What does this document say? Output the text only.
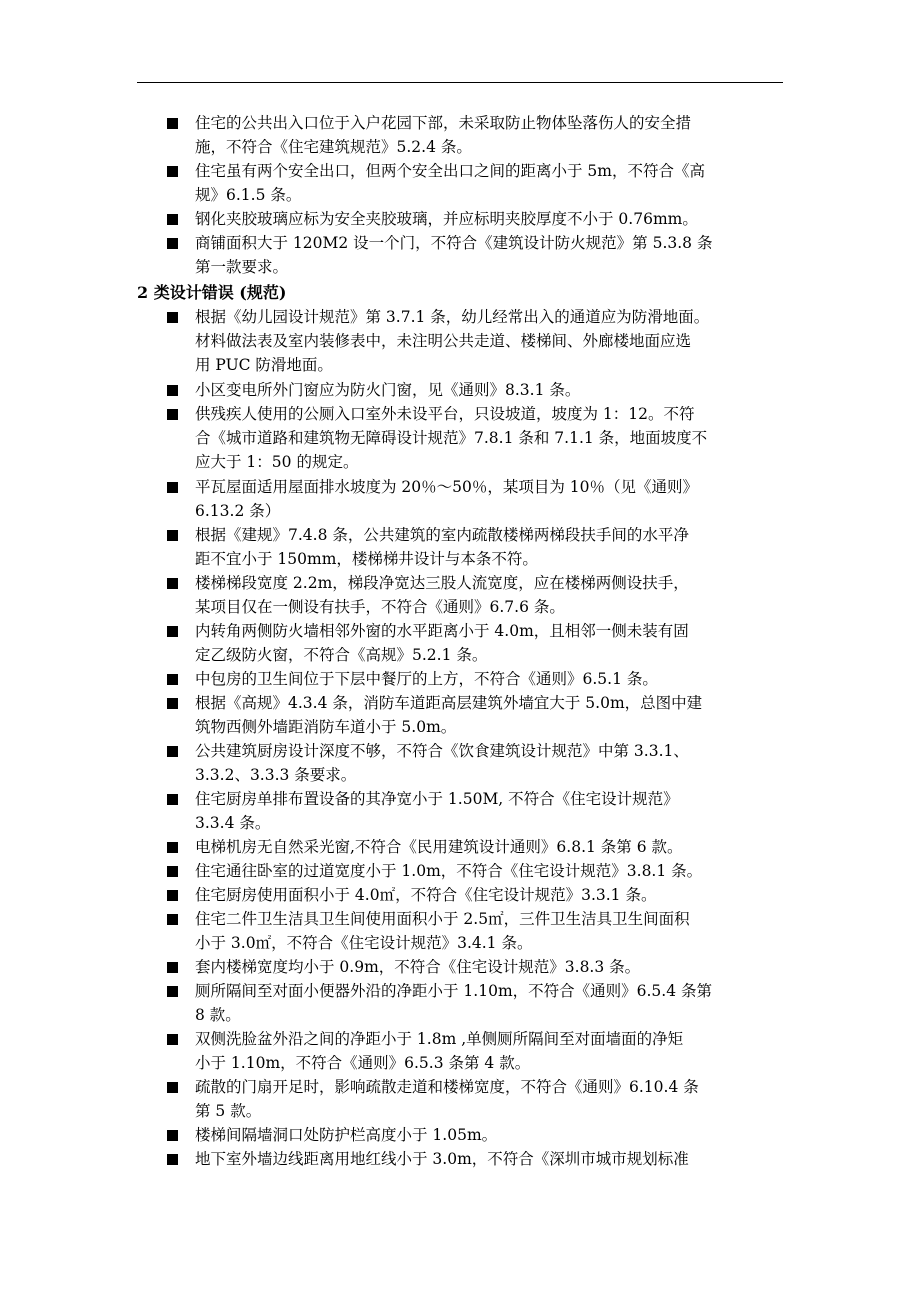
住宅的公共出入口位于入户花园下部，未采取防止物体坠落伤人的安全措
施，不符合《住宅建筑规范》5.2.4 条。
住宅虽有两个安全出口，但两个安全出口之间的距离小于 5m，不符合《高
规》6.1.5 条。
钢化夹胶玻璃应标为安全夹胶玻璃，并应标明夹胶厚度不小于 0.76mm。
商铺面积大于 120M2 设一个门，不符合《建筑设计防火规范》第 5.3.8 条
第一款要求。
2 类设计错误 (规范)
根据《幼儿园设计规范》第 3.7.1 条，幼儿经常出入的通道应为防滑地面。
材料做法表及室内装修表中，未注明公共走道、楼梯间、外廊楼地面应选
用 PUC 防滑地面。
小区变电所外门窗应为防火门窗，见《通则》8.3.1 条。
供残疾人使用的公厕入口室外未设平台，只设坡道，坡度为 1：12。不符
合《城市道路和建筑物无障碍设计规范》7.8.1 条和 7.1.1 条，地面坡度不
应大于 1：50 的规定。
平瓦屋面适用屋面排水坡度为 20％～50％，某项目为 10％（见《通则》
6.13.2 条）
根据《建规》7.4.8 条，公共建筑的室内疏散楼梯两梯段扶手间的水平净
距不宜小于 150mm，楼梯梯井设计与本条不符。
楼梯梯段宽度 2.2m，梯段净宽达三股人流宽度，应在楼梯两侧设扶手，
某项目仅在一侧设有扶手，不符合《通则》6.7.6 条。
内转角两侧防火墙相邻外窗的水平距离小于 4.0m，且相邻一侧未装有固
定乙级防火窗，不符合《高规》5.2.1 条。
中包房的卫生间位于下层中餐厅的上方，不符合《通则》6.5.1 条。
根据《高规》4.3.4 条，消防车道距高层建筑外墙宜大于 5.0m，总图中建
筑物西侧外墙距消防车道小于 5.0m。
公共建筑厨房设计深度不够，不符合《饮食建筑设计规范》中第 3.3.1、
3.3.2、3.3.3 条要求。
住宅厨房单排布置设备的其净宽小于 1.50M, 不符合《住宅设计规范》
3.3.4 条。
电梯机房无自然采光窗,不符合《民用建筑设计通则》6.8.1 条第 6 款。
住宅通往卧室的过道宽度小于 1.0m，不符合《住宅设计规范》3.8.1 条。
住宅厨房使用面积小于 4.0㎡，不符合《住宅设计规范》3.3.1 条。
住宅二件卫生洁具卫生间使用面积小于 2.5㎡，三件卫生洁具卫生间面积
小于 3.0㎡，不符合《住宅设计规范》3.4.1 条。
套内楼梯宽度均小于 0.9m，不符合《住宅设计规范》3.8.3 条。
厕所隔间至对面小便器外沿的净距小于 1.10m，不符合《通则》6.5.4 条第
8 款。
双侧洗脸盆外沿之间的净距小于 1.8m ,单侧厕所隔间至对面墙面的净矩
小于 1.10m，不符合《通则》6.5.3 条第 4 款。
疏散的门扇开足时，影响疏散走道和楼梯宽度，不符合《通则》6.10.4 条
第 5 款。
楼梯间隔墙洞口处防护栏高度小于 1.05m。
地下室外墙边线距离用地红线小于 3.0m，不符合《深圳市城市规划标准
